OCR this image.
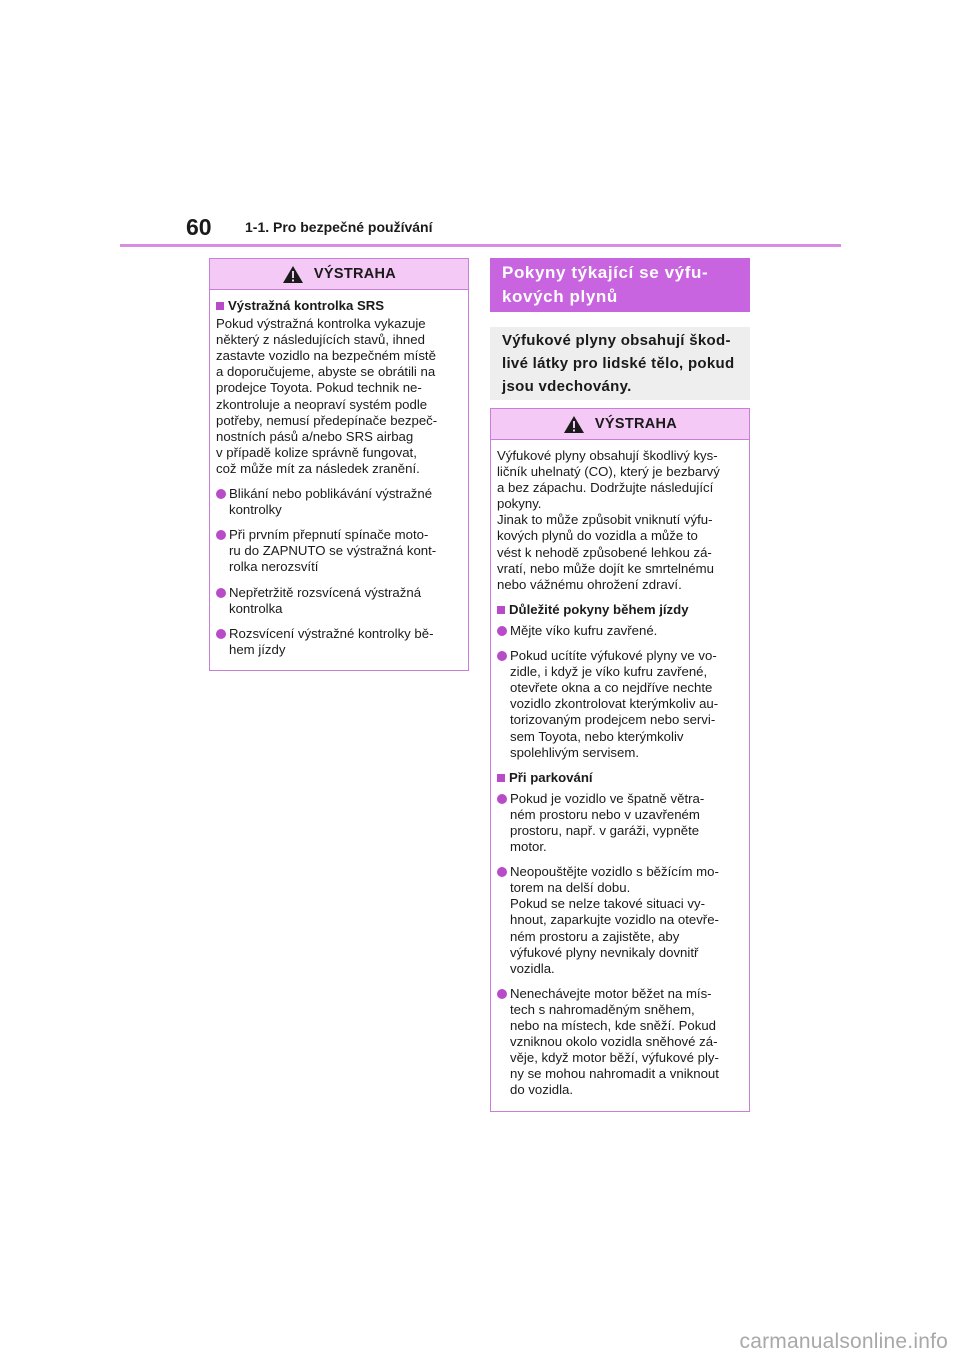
60 1-1. Pro bezpečné používání
VÝSTRAHA
Výstražná kontrolka SRS
Pokud výstražná kontrolka vykazuje
některý z následujících stavů, ihned
zastavte vozidlo na bezpečném místě
a doporučujeme, abyste se obrátili na
prodejce Toyota. Pokud technik ne-
zkontroluje a neopraví systém podle
potřeby, nemusí předepínače bezpeč-
nostních pásů a/nebo SRS airbag
v případě kolize správně fungovat,
což může mít za následek zranění.
Blikání nebo poblikávání výstražné
kontrolky
Při prvním přepnutí spínače moto-
ru do ZAPNUTO se výstražná kont-
rolka nerozsvítí
Nepřetržitě rozsvícená výstražná
kontrolka
Rozsvícení výstražné kontrolky bě-
hem jízdy
Pokyny týkající se výfu-
kových plynů
Výfukové plyny obsahují škod-
livé látky pro lidské tělo, pokud
jsou vdechovány.
VÝSTRAHA
Výfukové plyny obsahují škodlivý kys-
ličník uhelnatý (CO), který je bezbarvý
a bez zápachu. Dodržujte následující
pokyny.
Jinak to může způsobit vniknutí výfu-
kových plynů do vozidla a může to
vést k nehodě způsobené lehkou zá-
vratí, nebo může dojít ke smrtelnému
nebo vážnému ohrožení zdraví.
Důležité pokyny během jízdy
Mějte víko kufru zavřené.
Pokud ucítíte výfukové plyny ve vo-
zidle, i když je víko kufru zavřené,
otevřete okna a co nejdříve nechte
vozidlo zkontrolovat kterýmkoliv au-
torizovaným prodejcem nebo servi-
sem Toyota, nebo kterýmkoliv
spolehlivým servisem.
Při parkování
Pokud je vozidlo ve špatně větra-
ném prostoru nebo v uzavřeném
prostoru, např. v garáži, vypněte
motor.
Neopouštějte vozidlo s běžícím mo-
torem na delší dobu.
Pokud se nelze takové situaci vy-
hnout, zaparkujte vozidlo na otevře-
ném prostoru a zajistěte, aby
výfukové plyny nevnikaly dovnitř
vozidla.
Nenechávejte motor běžet na mís-
tech s nahromaděným sněhem,
nebo na místech, kde sněží. Pokud
vzniknou okolo vozidla sněhové zá-
věje, když motor běží, výfukové ply-
ny se mohou nahromadit a vniknout
do vozidla.
carmanualsonline.info
